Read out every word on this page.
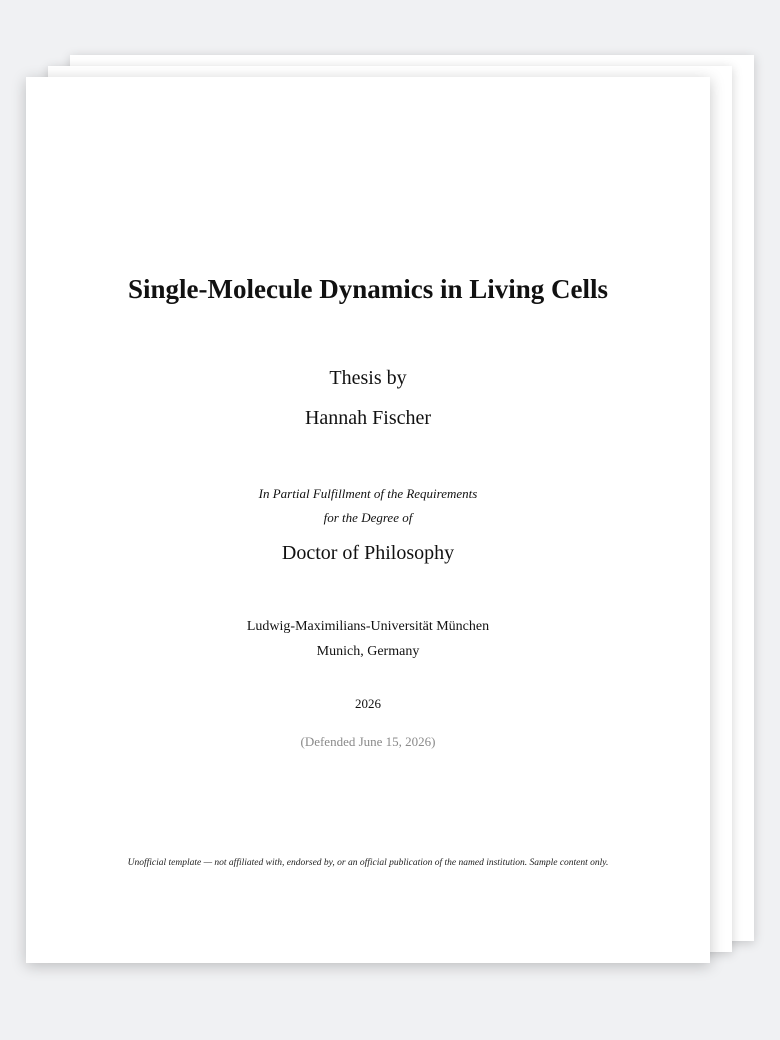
Single-Molecule Dynamics in Living Cells
Thesis by
Hannah Fischer
In Partial Fulfillment of the Requirements
for the Degree of
Doctor of Philosophy
Ludwig-Maximilians-Universität München
Munich, Germany
2026
(Defended June 15, 2026)
Unofficial template — not affiliated with, endorsed by, or an official publication of the named institution. Sample content only.
